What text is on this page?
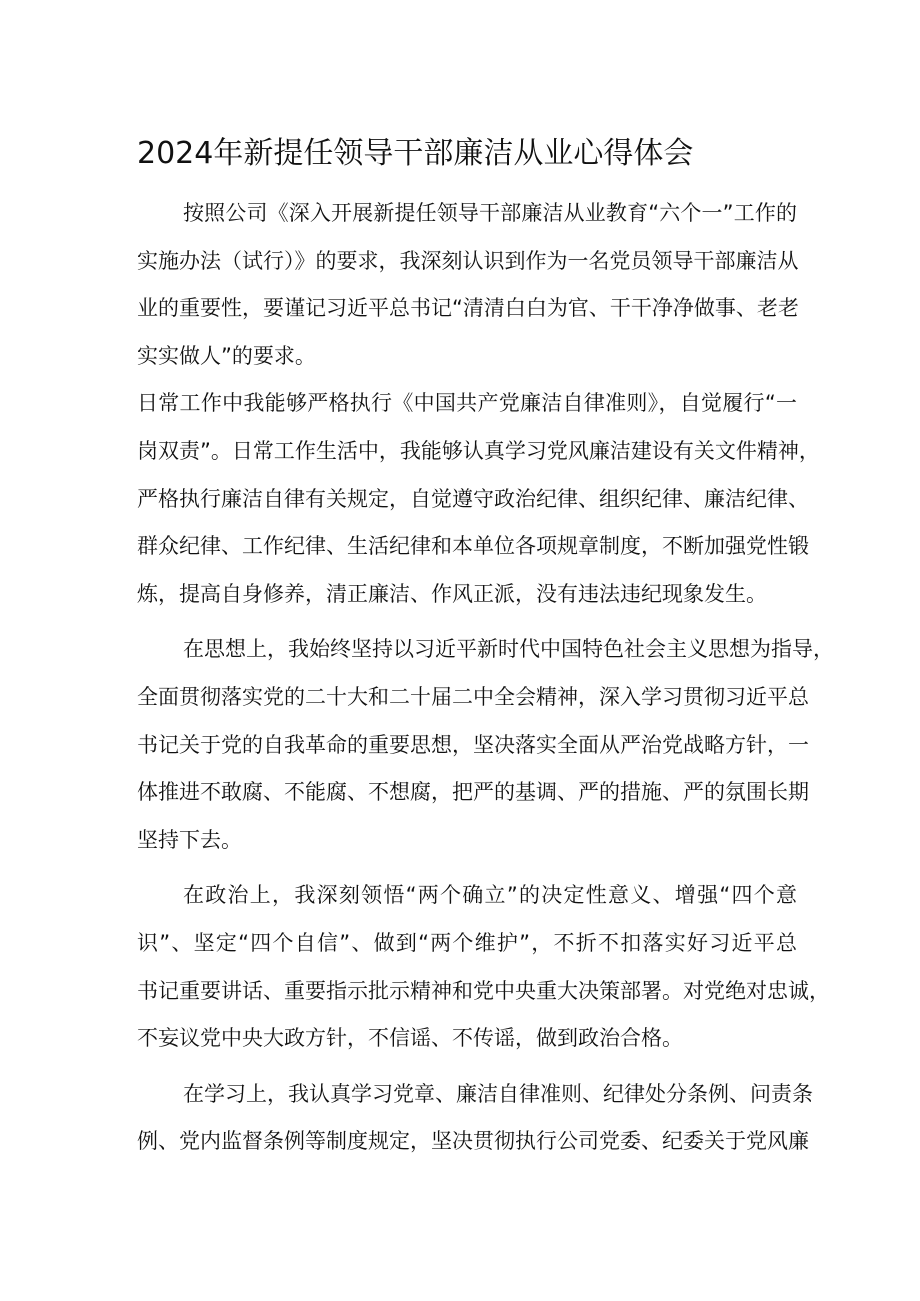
2024年新提任领导干部廉洁从业心得体会
按照公司《深入开展新提任领导干部廉洁从业教育“六个一”工作的
实施办法（试行）》的要求，我深刻认识到作为一名党员领导干部廉洁从
业的重要性，要谨记习近平总书记“清清白白为官、干干净净做事、老老
实实做人”的要求。
日常工作中我能够严格执行《中国共产党廉洁自律准则》，自觉履行“一
岗双责”。日常工作生活中，我能够认真学习党风廉洁建设有关文件精神，
严格执行廉洁自律有关规定，自觉遵守政治纪律、组织纪律、廉洁纪律、
群众纪律、工作纪律、生活纪律和本单位各项规章制度，不断加强党性锻
炼，提高自身修养，清正廉洁、作风正派，没有违法违纪现象发生。
在思想上，我始终坚持以习近平新时代中国特色社会主义思想为指导，
全面贯彻落实党的二十大和二十届二中全会精神，深入学习贯彻习近平总
书记关于党的自我革命的重要思想，坚决落实全面从严治党战略方针，一
体推进不敢腐、不能腐、不想腐，把严的基调、严的措施、严的氛围长期
坚持下去。
在政治上，我深刻领悟“两个确立”的决定性意义、增强“四个意
识”、坚定“四个自信”、做到“两个维护”，不折不扣落实好习近平总
书记重要讲话、重要指示批示精神和党中央重大决策部署。对党绝对忠诚，
不妄议党中央大政方针，不信谣、不传谣，做到政治合格。
在学习上，我认真学习党章、廉洁自律准则、纪律处分条例、问责条
例、党内监督条例等制度规定，坚决贯彻执行公司党委、纪委关于党风廉
